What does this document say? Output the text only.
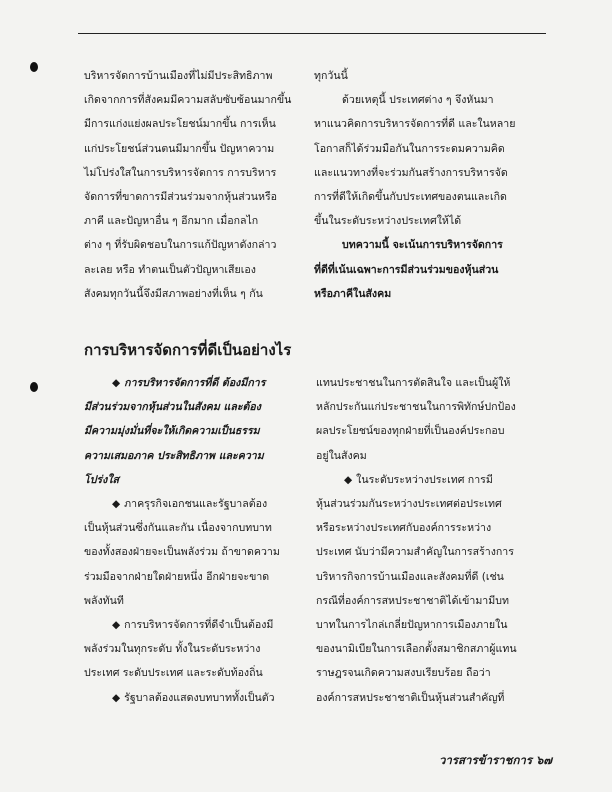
บริหารจัดการบ้านเมืองที่ไม่มีประสิทธิภาพ

เกิดจากการที่สังคมมีความสลับซับซ้อนมากขึ้น

มีการแก่งแย่งผลประโยชน์มากขึ้น การเห็น

แก่ประโยชน์ส่วนตนมีมากขึ้น ปัญหาความ

ไม่โปร่งใสในการบริหารจัดการ การบริหาร

จัดการที่ขาดการมีส่วนร่วมจากหุ้นส่วนหรือ

ภาคี และปัญหาอื่น ๆ อีกมาก เมื่อกลไก

ต่าง ๆ ที่รับผิดชอบในการแก้ปัญหาดังกล่าว

ละเลย หรือ ทำตนเป็นตัวปัญหาเสียเอง

สังคมทุกวันนี้จึงมีสภาพอย่างที่เห็น ๆ กัน

ทุกวันนี้

ด้วยเหตุนี้ ประเทศต่าง ๆ จึงหันมา

หาแนวคิดการบริหารจัดการที่ดี และในหลาย

โอกาสก็ได้ร่วมมือกันในการระดมความคิด

และแนวทางที่จะร่วมกันสร้างการบริหารจัด

การที่ดีให้เกิดขึ้นกับประเทศของตนและเกิด

ขึ้นในระดับระหว่างประเทศให้ได้

บทความนี้ จะเน้นการบริหารจัดการ

ที่ดีที่เน้นเฉพาะการมีส่วนร่วมของหุ้นส่วน

หรือภาคีในสังคม

การบริหารจัดการที่ดีเป็นอย่างไร

◆ การบริหารจัดการที่ดี ต้องมีการ

มีส่วนร่วมจากหุ้นส่วนในสังคม และต้อง

มีความมุ่งมั่นที่จะให้เกิดความเป็นธรรม

ความเสมอภาค ประสิทธิภาพ และความ

โปร่งใส

◆ ภาครุรกิจเอกชนและรัฐบาลต้อง

เป็นหุ้นส่วนซึ่งกันและกัน เนื่องจากบทบาท

ของทั้งสองฝ่ายจะเป็นพลังร่วม ถ้าขาดความ

ร่วมมือจากฝ่ายใดฝ่ายหนึ่ง อีกฝ่ายจะขาด

พลังทันที

◆ การบริหารจัดการที่ดีจำเป็นต้องมี

พลังร่วมในทุกระดับ ทั้งในระดับระหว่าง

ประเทศ ระดับประเทศ และระดับท้องถิ่น

◆ รัฐบาลต้องแสดงบทบาททั้งเป็นตัว

แทนประชาชนในการตัดสินใจ และเป็นผู้ให้

หลักประกันแก่ประชาชนในการพิทักษ์ปกป้อง

ผลประโยชน์ของทุกฝ่ายที่เป็นองค์ประกอบ

อยู่ในสังคม

◆ ในระดับระหว่างประเทศ การมี

หุ้นส่วนร่วมกันระหว่างประเทศต่อประเทศ

หรือระหว่างประเทศกับองค์การระหว่าง

ประเทศ นับว่ามีความสำคัญในการสร้างการ

บริหารกิจการบ้านเมืองและสังคมที่ดี (เช่น

กรณีที่องค์การสหประชาชาติได้เข้ามามีบท

บาทในการไกล่เกลี่ยปัญหาการเมืองภายใน

ของนามิเบียในการเลือกตั้งสมาชิกสภาผู้แทน

ราษฎรจนเกิดความสงบเรียบร้อย ถือว่า

องค์การสหประชาชาติเป็นหุ้นส่วนสำคัญที่

วารสารข้าราชการ ๖๗
